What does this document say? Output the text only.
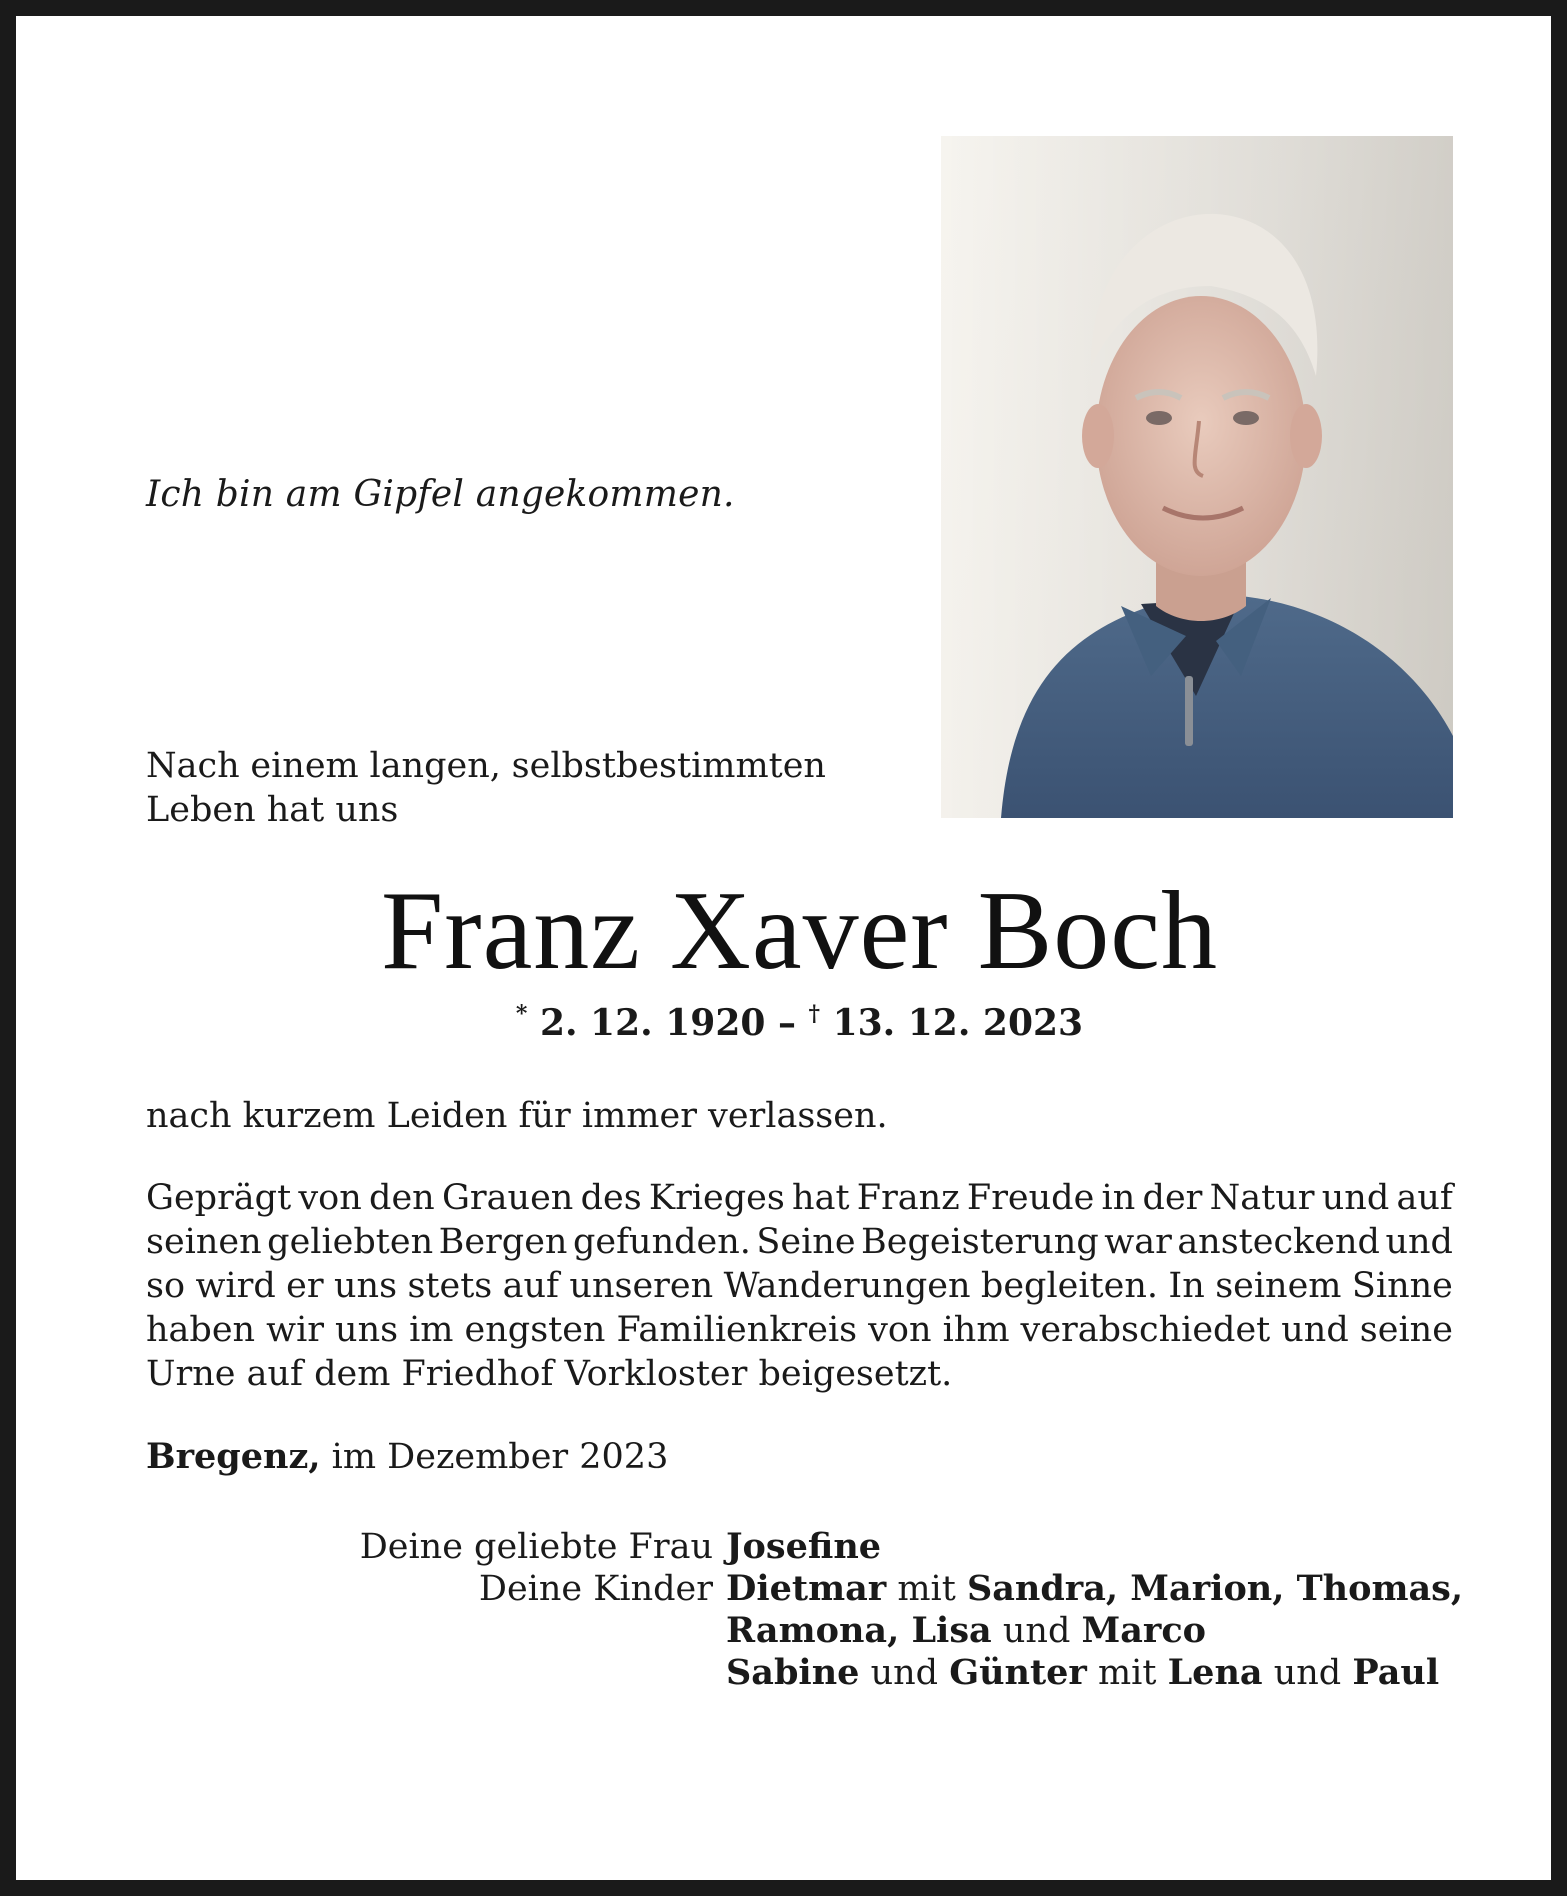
Ich bin am Gipfel angekommen.
Nach einem langen, selbstbestimmten
Leben hat uns
Franz Xaver Boch
* 2. 12. 1920 – † 13. 12. 2023
nach kurzem Leiden für immer verlassen.
Geprägt von den Grauen des Krieges hat Franz Freude in der Natur und auf
seinen geliebten Bergen gefunden. Seine Begeisterung war ansteckend und
so wird er uns stets auf unseren Wanderungen begleiten. In seinem Sinne
haben wir uns im engsten Familienkreis von ihm verabschiedet und seine
Urne auf dem Friedhof Vorkloster beigesetzt.
Bregenz, im Dezember 2023
Deine geliebte Frau Josefine
Deine Kinder Dietmar mit Sandra, Marion, Thomas,
Ramona, Lisa und Marco
Sabine und Günter mit Lena und Paul
